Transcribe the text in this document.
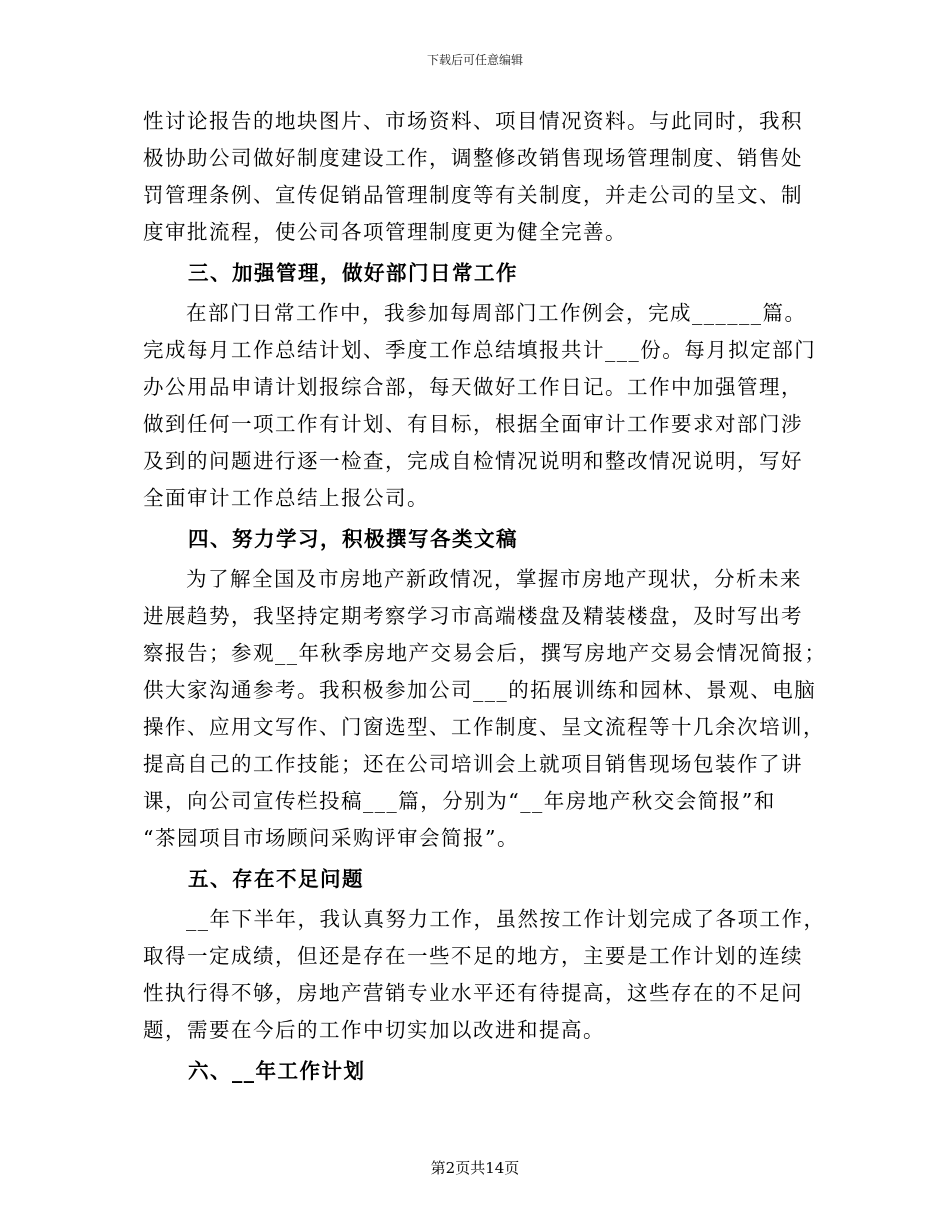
下载后可任意编辑
性讨论报告的地块图片、市场资料、项目情况资料。与此同时，我积
极协助公司做好制度建设工作，调整修改销售现场管理制度、销售处
罚管理条例、宣传促销品管理制度等有关制度，并走公司的呈文、制
度审批流程，使公司各项管理制度更为健全完善。
三、加强管理，做好部门日常工作
在部门日常工作中，我参加每周部门工作例会，完成______篇。
完成每月工作总结计划、季度工作总结填报共计___份。每月拟定部门
办公用品申请计划报综合部，每天做好工作日记。工作中加强管理，
做到任何一项工作有计划、有目标，根据全面审计工作要求对部门涉
及到的问题进行逐一检查，完成自检情况说明和整改情况说明，写好
全面审计工作总结上报公司。
四、努力学习，积极撰写各类文稿
为了解全国及市房地产新政情况，掌握市房地产现状，分析未来
进展趋势，我坚持定期考察学习市高端楼盘及精装楼盘，及时写出考
察报告；参观__年秋季房地产交易会后，撰写房地产交易会情况简报；
供大家沟通参考。我积极参加公司___的拓展训练和园林、景观、电脑
操作、应用文写作、门窗选型、工作制度、呈文流程等十几余次培训，
提高自己的工作技能；还在公司培训会上就项目销售现场包装作了讲
课，向公司宣传栏投稿___篇，分别为“__年房地产秋交会简报”和
“茶园项目市场顾问采购评审会简报”。
五、存在不足问题
__年下半年，我认真努力工作，虽然按工作计划完成了各项工作，
取得一定成绩，但还是存在一些不足的地方，主要是工作计划的连续
性执行得不够，房地产营销专业水平还有待提高，这些存在的不足问
题，需要在今后的工作中切实加以改进和提高。
六、__年工作计划
第2页共14页
